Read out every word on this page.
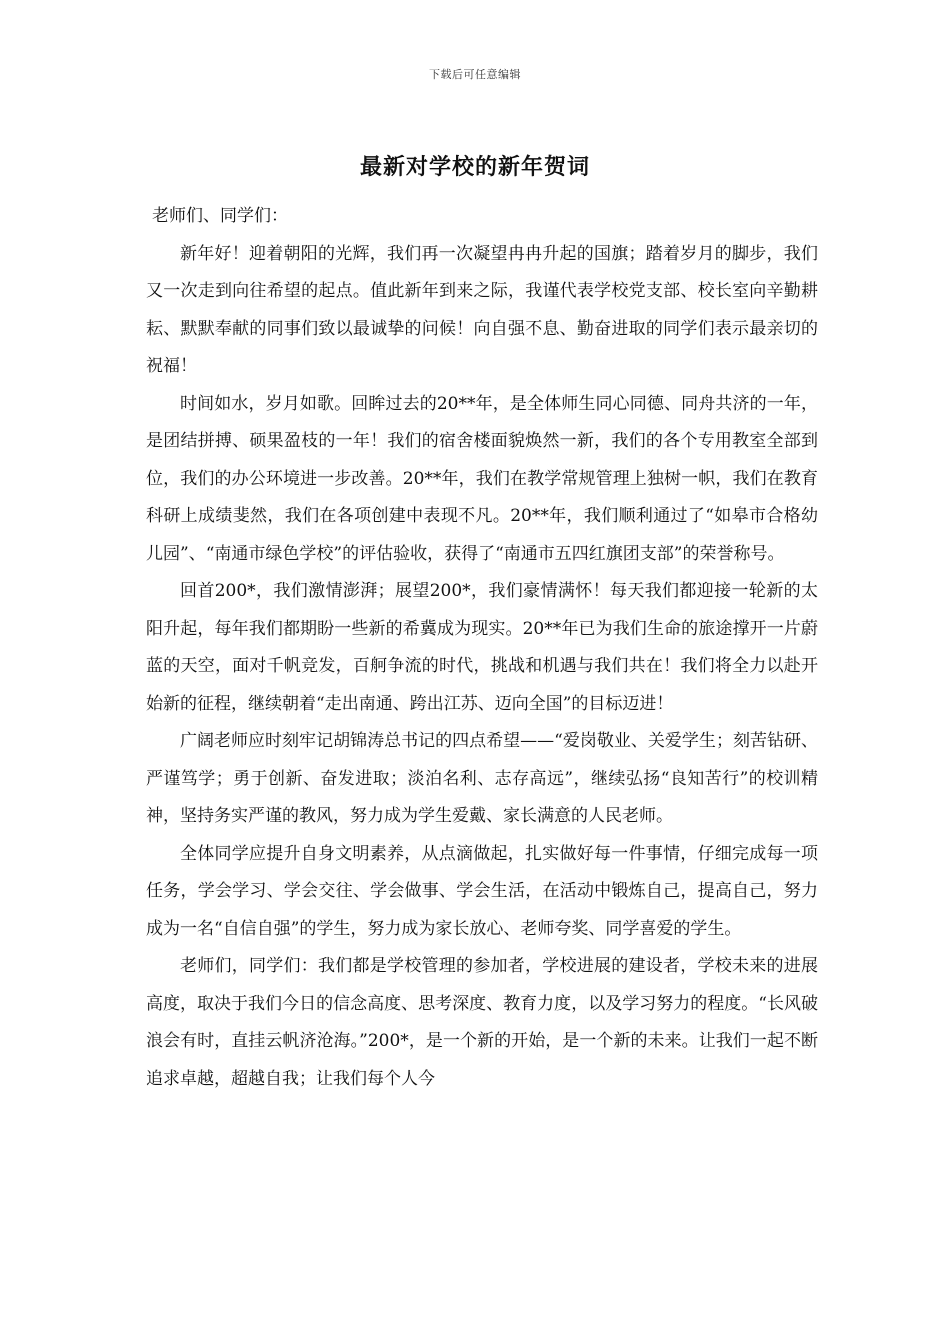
下载后可任意编辑
最新对学校的新年贺词

老师们、同学们：

新年好！迎着朝阳的光辉，我们再一次凝望冉冉升起的国旗；踏着岁月的脚步，我们又一次走到向往希望的起点。值此新年到来之际，我谨代表学校党支部、校长室向辛勤耕耘、默默奉献的同事们致以最诚挚的问候！向自强不息、勤奋进取的同学们表示最亲切的祝福！

时间如水，岁月如歌。回眸过去的20**年，是全体师生同心同德、同舟共济的一年，是团结拼搏、硕果盈枝的一年！我们的宿舍楼面貌焕然一新，我们的各个专用教室全部到位，我们的办公环境进一步改善。20**年，我们在教学常规管理上独树一帜，我们在教育科研上成绩斐然，我们在各项创建中表现不凡。20**年，我们顺利通过了“如皋市合格幼儿园”、“南通市绿色学校”的评估验收，获得了“南通市五四红旗团支部”的荣誉称号。

回首200*，我们激情澎湃；展望200*，我们豪情满怀！每天我们都迎接一轮新的太阳升起，每年我们都期盼一些新的希冀成为现实。20**年已为我们生命的旅途撑开一片蔚蓝的天空，面对千帆竞发，百舸争流的时代，挑战和机遇与我们共在！我们将全力以赴开始新的征程，继续朝着“走出南通、跨出江苏、迈向全国”的目标迈进！

广阔老师应时刻牢记胡锦涛总书记的四点希望——“爱岗敬业、关爱学生；刻苦钻研、严谨笃学；勇于创新、奋发进取；淡泊名利、志存高远”，继续弘扬“良知苦行”的校训精神，坚持务实严谨的教风，努力成为学生爱戴、家长满意的人民老师。

全体同学应提升自身文明素养，从点滴做起，扎实做好每一件事情，仔细完成每一项任务，学会学习、学会交往、学会做事、学会生活，在活动中锻炼自己，提高自己，努力成为一名“自信自强”的学生，努力成为家长放心、老师夸奖、同学喜爱的学生。

老师们，同学们：我们都是学校管理的参加者，学校进展的建设者，学校未来的进展高度，取决于我们今日的信念高度、思考深度、教育力度，以及学习努力的程度。“长风破浪会有时，直挂云帆济沧海。”200*，是一个新的开始，是一个新的未来。让我们一起不断追求卓越，超越自我；让我们每个人今
